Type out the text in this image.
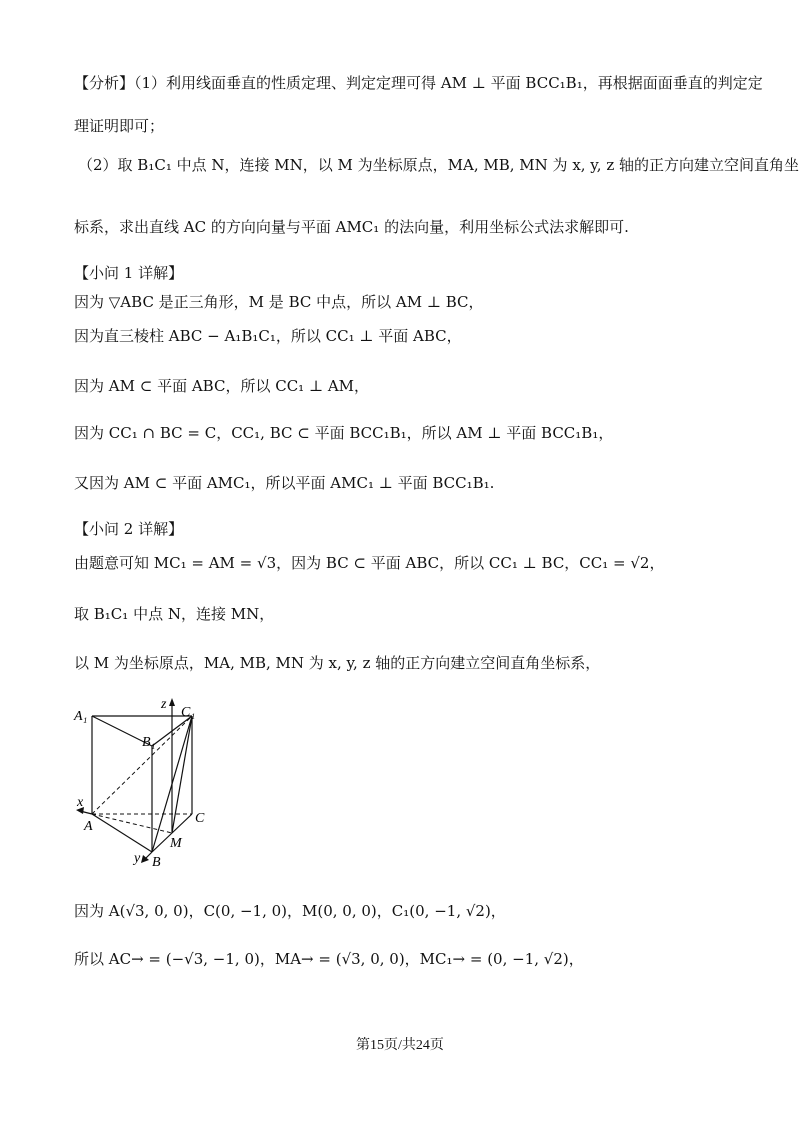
【分析】（1）利用线面垂直的性质定理、判定定理可得 AM ⊥ 平面 BCC₁B₁，再根据面面垂直的判定定
理证明即可；
（2）取 B₁C₁ 中点 N，连接 MN，以 M 为坐标原点，MA, MB, MN 为 x, y, z 轴的正方向建立空间直角坐
标系，求出直线 AC 的方向向量与平面 AMC₁ 的法向量，利用坐标公式法求解即可.
【小问 1 详解】
因为 ▽ABC 是正三角形，M 是 BC 中点，所以 AM ⊥ BC，
因为直三棱柱 ABC − A₁B₁C₁，所以 CC₁ ⊥ 平面 ABC，
因为 AM ⊂ 平面 ABC，所以 CC₁ ⊥ AM，
因为 CC₁ ∩ BC = C，CC₁, BC ⊂ 平面 BCC₁B₁，所以 AM ⊥ 平面 BCC₁B₁，
又因为 AM ⊂ 平面 AMC₁，所以平面 AMC₁ ⊥ 平面 BCC₁B₁.
【小问 2 详解】
由题意可知 MC₁ = AM = √3，因为 BC ⊂ 平面 ABC，所以 CC₁ ⊥ BC，CC₁ = √2，
取 B₁C₁ 中点 N，连接 MN，
以 M 为坐标原点，MA, MB, MN 为 x, y, z 轴的正方向建立空间直角坐标系，
A₁
B₁
C₁
z
x
A
C
M
y B
因为 A(√3, 0, 0)，C(0, −1, 0)，M(0, 0, 0)，C₁(0, −1, √2)，
所以 AC→ = (−√3, −1, 0)，MA→ = (√3, 0, 0)，MC₁→ = (0, −1, √2)，
第15页/共24页
